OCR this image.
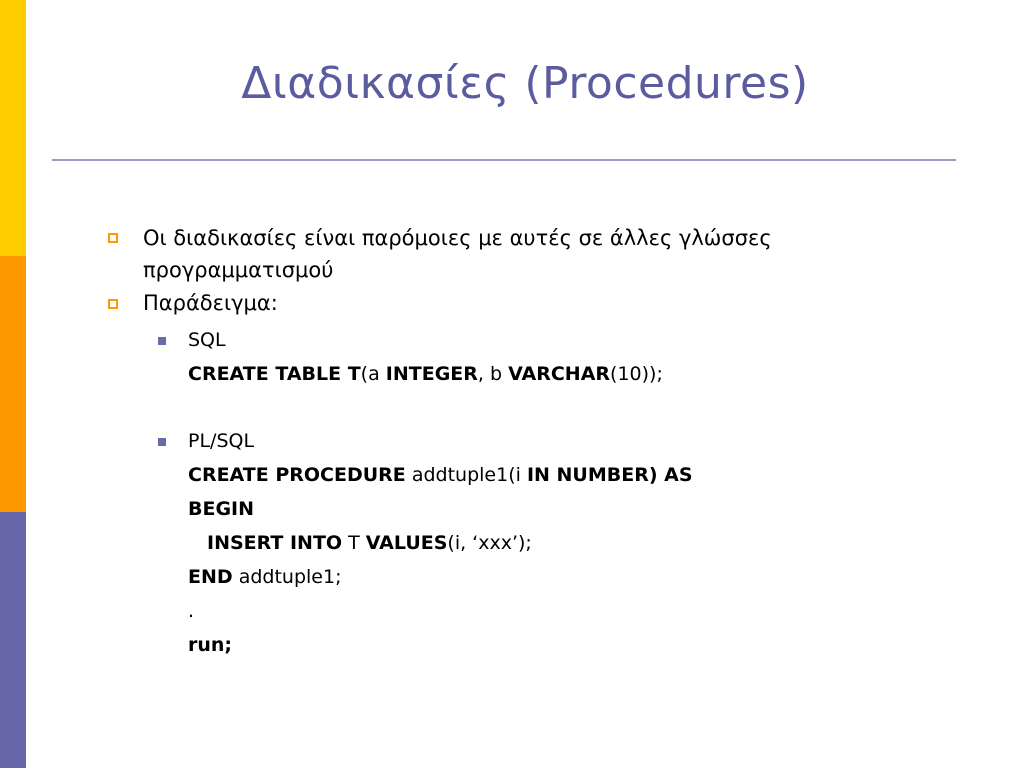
Διαδικασίες (Procedures)
Οι διαδικασίες είναι παρόμοιες με αυτές σε άλλες γλώσσες προγραμματισμού
Παράδειγμα:
SQL
CREATE TABLE T(a INTEGER, b VARCHAR(10));
PL/SQL
CREATE PROCEDURE addtuple1(i IN NUMBER) AS
BEGIN
INSERT INTO T VALUES(i, ‘xxx’);
END addtuple1;
.
run;
